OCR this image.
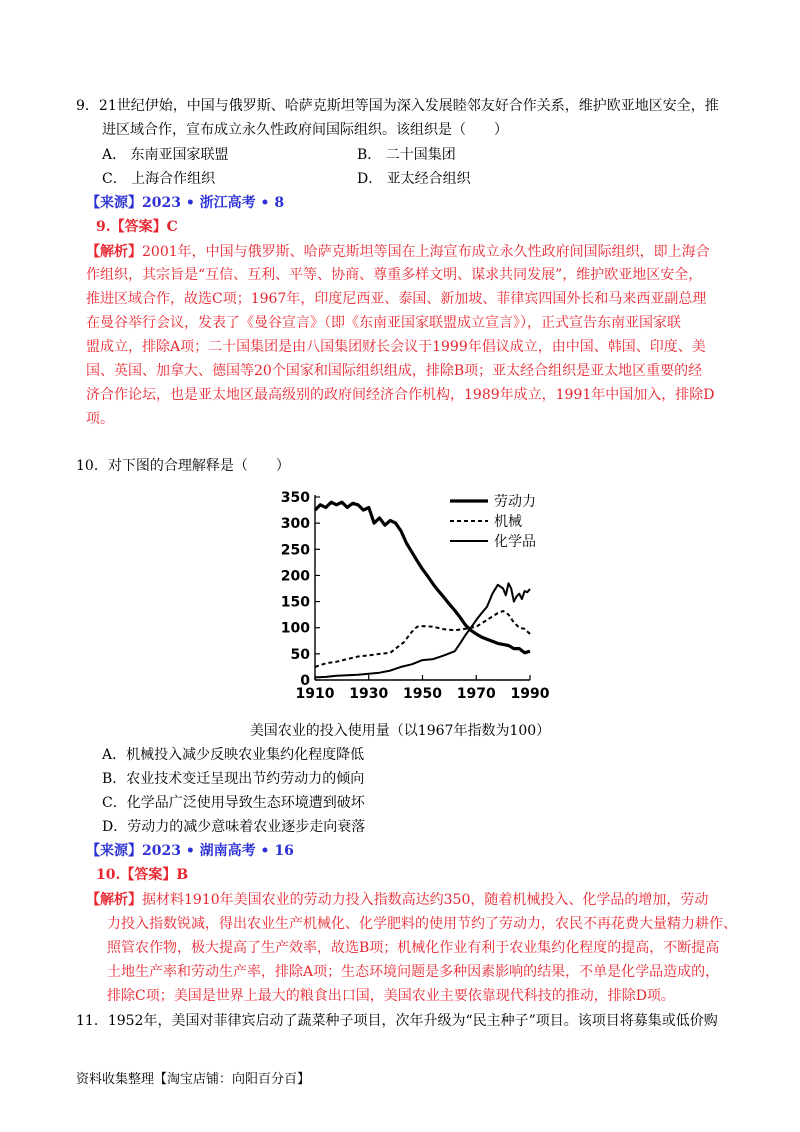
9．21世纪伊始，中国与俄罗斯、哈萨克斯坦等国为深入发展睦邻友好合作关系，维护欧亚地区安全，推
进区域合作，宣布成立永久性政府间国际组织。该组织是（　　）
A． 东南亚国家联盟	B． 二十国集团
C． 上海合作组织	D． 亚太经合组织
【来源】2023 • 浙江高考 • 8
9.【答案】C
【解析】2001年，中国与俄罗斯、哈萨克斯坦等国在上海宣布成立永久性政府间国际组织，即上海合
作组织，其宗旨是“互信、互利、平等、协商、尊重多样文明、谋求共同发展”，维护欧亚地区安全，
推进区域合作，故选C项；1967年，印度尼西亚、泰国、新加坡、菲律宾四国外长和马来西亚副总理
在曼谷举行会议，发表了《曼谷宣言》（即《东南亚国家联盟成立宣言》），正式宣告东南亚国家联
盟成立，排除A项；二十国集团是由八国集团财长会议于1999年倡议成立，由中国、韩国、印度、美
国、英国、加拿大、德国等20个国家和国际组织组成，排除B项；亚太经合组织是亚太地区重要的经
济合作论坛，也是亚太地区最高级别的政府间经济合作机构，1989年成立，1991年中国加入，排除D
项。
10．对下图的合理解释是（　　）
0
50
100
150
200
250
300
350
1910 1930 1950 1970 1990
劳动力
机械
化学品
美国农业的投入使用量（以1967年指数为100）
A．机械投入减少反映农业集约化程度降低
B．农业技术变迁呈现出节约劳动力的倾向
C．化学品广泛使用导致生态环境遭到破坏
D．劳动力的减少意味着农业逐步走向衰落
【来源】2023 • 湖南高考 • 16
10.【答案】B
【解析】据材料1910年美国农业的劳动力投入指数高达约350，随着机械投入、化学品的增加，劳动
力投入指数锐减，得出农业生产机械化、化学肥料的使用节约了劳动力，农民不再花费大量精力耕作、
照管农作物，极大提高了生产效率，故选B项；机械化作业有利于农业集约化程度的提高，不断提高
土地生产率和劳动生产率，排除A项；生态环境问题是多种因素影响的结果，不单是化学品造成的，
排除C项；美国是世界上最大的粮食出口国，美国农业主要依靠现代科技的推动，排除D项。
11．1952年，美国对菲律宾启动了蔬菜种子项目，次年升级为“民主种子”项目。该项目将募集或低价购
资料收集整理【淘宝店铺：向阳百分百】
